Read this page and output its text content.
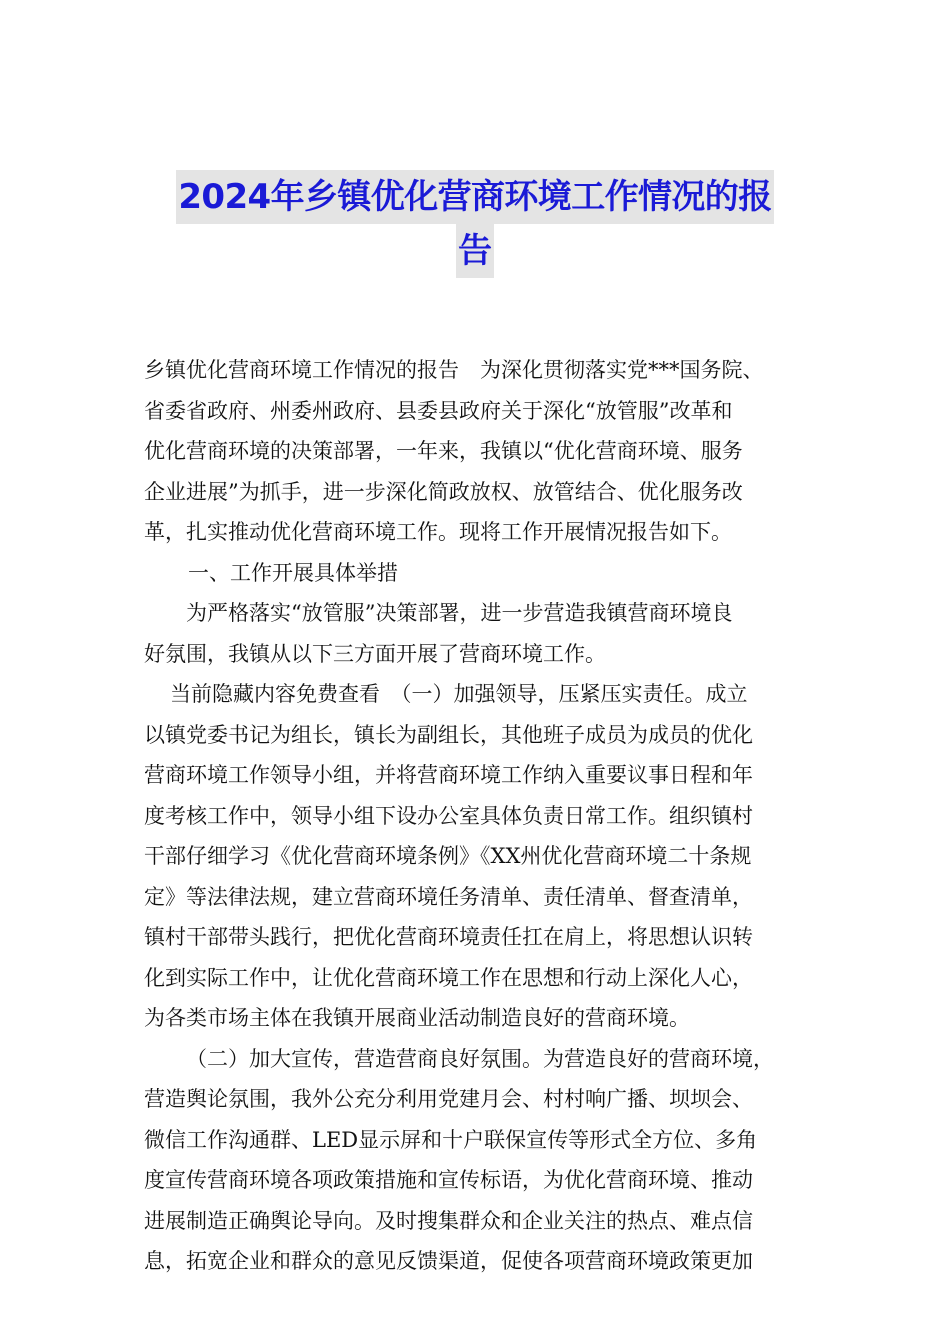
2024年乡镇优化营商环境工作情况的报
告
乡镇优化营商环境工作情况的报告　为深化贯彻落实党***国务院、
省委省政府、州委州政府、县委县政府关于深化“放管服”改革和
优化营商环境的决策部署，一年来，我镇以“优化营商环境、服务
企业进展”为抓手，进一步深化简政放权、放管结合、优化服务改
革，扎实推动优化营商环境工作。现将工作开展情况报告如下。
一、工作开展具体举措
为严格落实“放管服”决策部署，进一步营造我镇营商环境良
好氛围，我镇从以下三方面开展了营商环境工作。
当前隐藏内容免费查看　（一）加强领导，压紧压实责任。成立
以镇党委书记为组长，镇长为副组长，其他班子成员为成员的优化
营商环境工作领导小组，并将营商环境工作纳入重要议事日程和年
度考核工作中，领导小组下设办公室具体负责日常工作。组织镇村
干部仔细学习《优化营商环境条例》《XX州优化营商环境二十条规
定》等法律法规，建立营商环境任务清单、责任清单、督查清单，
镇村干部带头践行，把优化营商环境责任扛在肩上，将思想认识转
化到实际工作中，让优化营商环境工作在思想和行动上深化人心，
为各类市场主体在我镇开展商业活动制造良好的营商环境。
（二）加大宣传，营造营商良好氛围。为营造良好的营商环境，
营造舆论氛围，我外公充分利用党建月会、村村响广播、坝坝会、
微信工作沟通群、LED显示屏和十户联保宣传等形式全方位、多角
度宣传营商环境各项政策措施和宣传标语，为优化营商环境、推动
进展制造正确舆论导向。及时搜集群众和企业关注的热点、难点信
息，拓宽企业和群众的意见反馈渠道，促使各项营商环境政策更加
